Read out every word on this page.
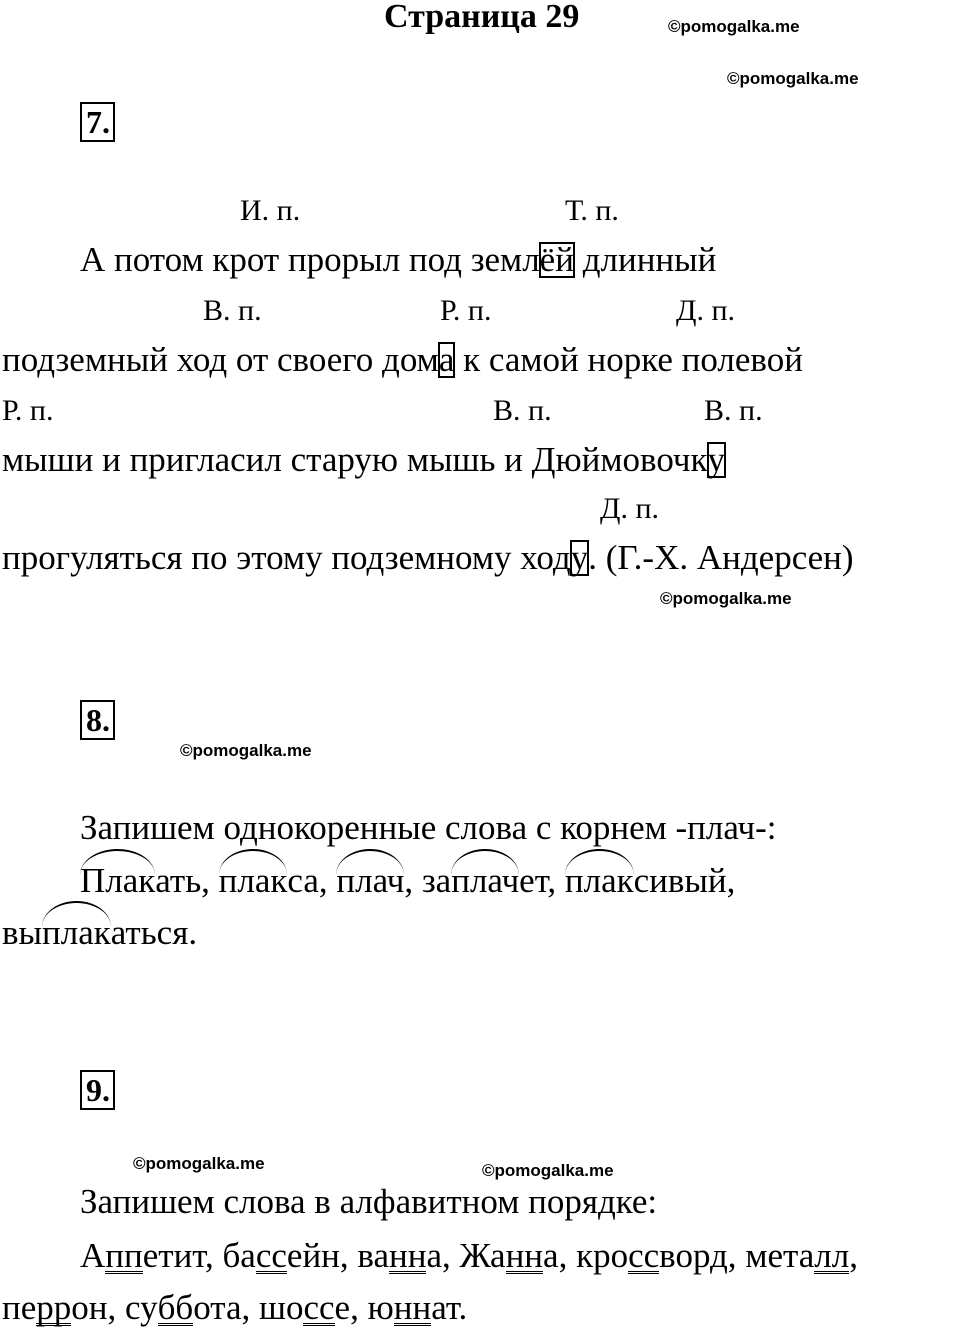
Страница 29	©pomogalka.me
©pomogalka.me
7.
И. п.	Т. п.
А потом крот прорыл под землёй длинный
В. п.	Р. п.	Д. п.
подземный ход от своего дома к самой норке полевой
Р. п.	В. п.	В. п.
мыши и пригласил старую мышь и Дюймовочку
Д. п.
прогуляться по этому подземному ходу. (Г.-Х. Андерсен)
©pomogalka.me
8.
©pomogalka.me
Запишем однокоренные слова с корнем -плач-:
Плакать, плакса, плач, заплачет, плаксивый,
выплакаться.
9.
©pomogalka.me	©pomogalka.me
Запишем слова в алфавитном порядке:
Аппетит, бассейн, ванна, Жанна, кроссворд, металл,
перрон, суббота, шоссе, юннат.
